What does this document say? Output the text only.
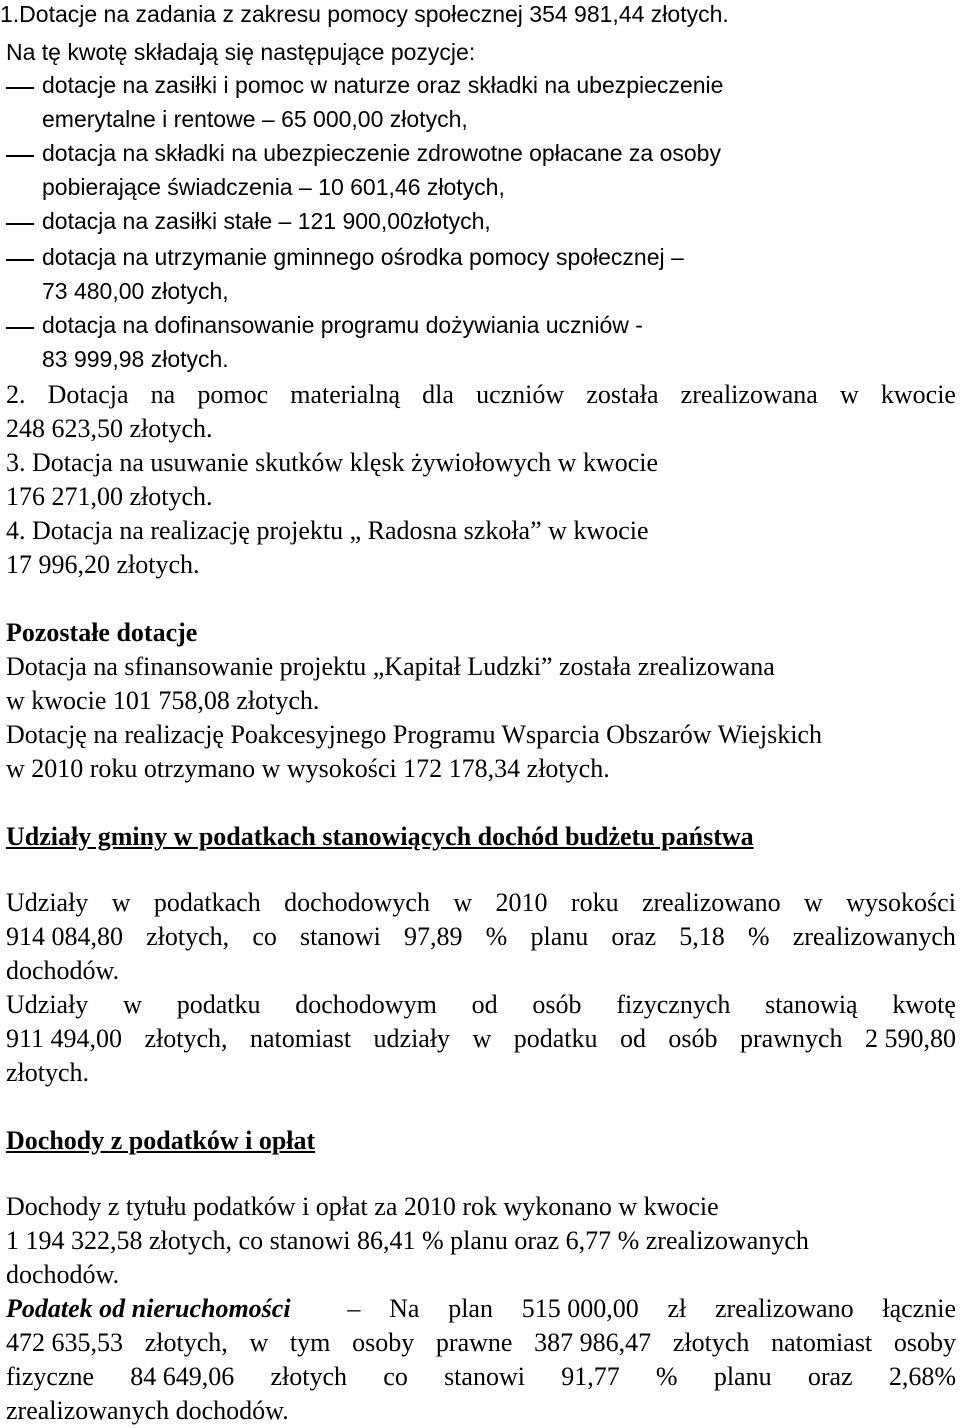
1.Dotacje na zadania z zakresu pomocy społecznej 354 981,44 złotych.
Na tę kwotę składają się następujące pozycje:
dotacje na zasiłki i pomoc w naturze oraz składki na ubezpieczenie
emerytalne i rentowe – 65 000,00 złotych,
dotacja na składki na ubezpieczenie zdrowotne opłacane za osoby
pobierające świadczenia – 10 601,46 złotych,
dotacja na zasiłki stałe – 121 900,00złotych,
dotacja na utrzymanie gminnego ośrodka pomocy społecznej –
73 480,00 złotych,
dotacja na dofinansowanie programu dożywiania uczniów -
83 999,98 złotych.
2. Dotacja na pomoc materialną dla uczniów została zrealizowana w kwocie
248 623,50 złotych.
3. Dotacja na usuwanie skutków klęsk żywiołowych w kwocie
176 271,00 złotych.
4. Dotacja na realizację projektu „ Radosna szkoła” w kwocie
17 996,20 złotych.
Pozostałe dotacje
Dotacja na sfinansowanie projektu „Kapitał Ludzki” została zrealizowana
w kwocie 101 758,08 złotych.
Dotację na realizację Poakcesyjnego Programu Wsparcia Obszarów Wiejskich
w 2010 roku otrzymano w wysokości 172 178,34 złotych.
Udziały gminy w podatkach stanowiących dochód budżetu państwa
Udziały w podatkach dochodowych w 2010 roku zrealizowano w wysokości
914 084,80 złotych, co stanowi 97,89 % planu oraz 5,18 % zrealizowanych
dochodów.
Udziały w podatku dochodowym od osób fizycznych stanowią kwotę
911 494,00 złotych, natomiast udziały w podatku od osób prawnych 2 590,80
złotych.
Dochody z podatków i opłat
Dochody z tytułu podatków i opłat za 2010 rok wykonano w kwocie
1 194 322,58 złotych, co stanowi 86,41 % planu oraz 6,77 % zrealizowanych
dochodów.
Podatek od nieruchomości – Na plan 515 000,00 zł zrealizowano łącznie
472 635,53 złotych, w tym osoby prawne 387 986,47 złotych natomiast osoby
fizyczne 84 649,06 złotych co stanowi 91,77 % planu oraz 2,68%
zrealizowanych dochodów.
